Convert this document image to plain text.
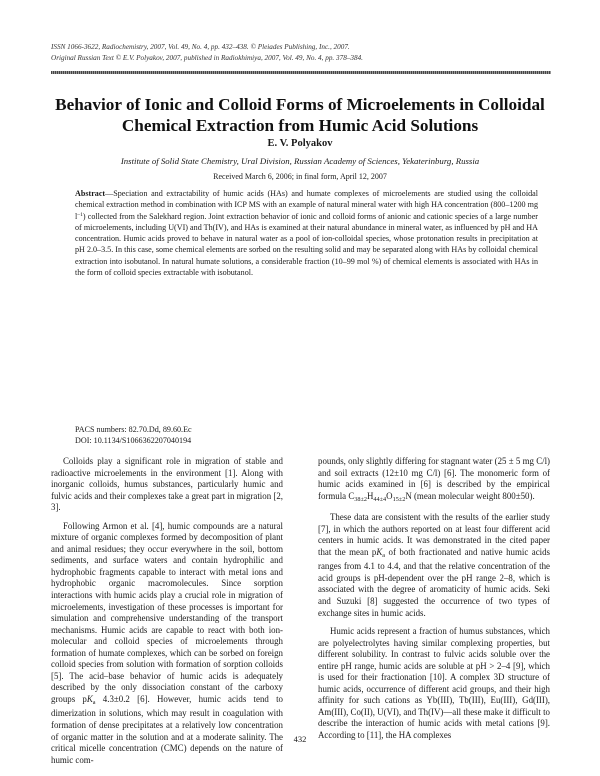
ISSN 1066-3622, Radiochemistry, 2007, Vol. 49, No. 4, pp. 432–438. © Pleiades Publishing, Inc., 2007.
Original Russian Text © E.V. Polyakov, 2007, published in Radiokhimiya, 2007, Vol. 49, No. 4, pp. 378–384.
Behavior of Ionic and Colloid Forms of Microelements in Colloidal Chemical Extraction from Humic Acid Solutions
E. V. Polyakov
Institute of Solid State Chemistry, Ural Division, Russian Academy of Sciences, Yekaterinburg, Russia
Received March 6, 2006; in final form, April 12, 2007
Abstract—Speciation and extractability of humic acids (HAs) and humate complexes of microelements are studied using the colloidal chemical extraction method in combination with ICP MS with an example of natural mineral water with high HA concentration (800–1200 mg $l^{-1}$) collected from the Salekhard region. Joint extraction behavior of ionic and colloid forms of anionic and cationic species of a large number of microelements, including U(VI) and Th(IV), and HAs is examined at their natural abundance in mineral water, as influenced by pH and HA concentration. Humic acids proved to behave in natural water as a pool of ion-colloidal species, whose protonation results in precipitation at pH 2.0–3.5. In this case, some chemical elements are sorbed on the resulting solid and may be separated along with HAs by colloidal chemical extraction into isobutanol. In natural humate solutions, a considerable fraction (10–99 mol %) of chemical elements is associated with HAs in the form of colloid species extractable with isobutanol.
PACS numbers: 82.70.Dd, 89.60.Ec
DOI: 10.1134/S1066362207040194

Colloids play a significant role in migration of stable and radioactive microelements in the environment [1]. Along with inorganic colloids, humus substances, particularly humic and fulvic acids and their complexes take a great part in migration [2, 3].

Following Armon et al. [4], humic compounds are a natural mixture of organic complexes formed by decomposition of plant and animal residues; they occur everywhere in the soil, bottom sediments, and surface waters and contain hydrophilic and hydrophobic fragments capable to interact with metal ions and hydrophobic organic macromolecules. Since sorption interactions with humic acids play a crucial role in migration of microelements, investigation of these processes is important for simulation and comprehensive understanding of the transport mechanisms. Humic acids are capable to react with both ion-molecular and colloid species of microelements through formation of humate complexes, which can be sorbed on foreign colloid species from solution with formation of sorption colloids [5]. The acid–base behavior of humic acids is adequately described by the only dissociation constant of the carboxy groups $pK_a$ 4.3±0.2 [6]. However, humic acids tend to dimerization in solutions, which may result in coagulation with formation of dense precipitates at a relatively low concentration of organic matter in the solution and at a moderate salinity. The critical micelle concentration (CMC) depends on the nature of humic com-

pounds, only slightly differing for stagnant water (25 ± 5 mg C/l) and soil extracts (12±10 mg C/l) [6]. The monomeric form of humic acids examined in [6] is described by the empirical formula $C_{38\pm 2}H_{44\pm 4}O_{15\pm 2}N$ (mean molecular weight 800±50).

These data are consistent with the results of the earlier study [7], in which the authors reported on at least four different acid centers in humic acids. It was demonstrated in the cited paper that the mean $pK_a$ of both fractionated and native humic acids ranges from 4.1 to 4.4, and that the relative concentration of the acid groups is pH-dependent over the pH range 2–8, which is associated with the degree of aromaticity of humic acids. Seki and Suzuki [8] suggested the occurrence of two types of exchange sites in humic acids.

Humic acids represent a fraction of humus substances, which are polyelectrolytes having similar complexing properties, but different solubility. In contrast to fulvic acids soluble over the entire pH range, humic acids are soluble at pH > 2–4 [9], which is used for their fractionation [10]. A complex 3D structure of humic acids, occurrence of different acid groups, and their high affinity for such cations as Yb(III), Tb(III), Eu(III), Gd(III), Am(III), Co(II), U(VI), and Th(IV)—all these make it difficult to describe the interaction of humic acids with metal cations [9]. According to [11], the HA complexes

432
